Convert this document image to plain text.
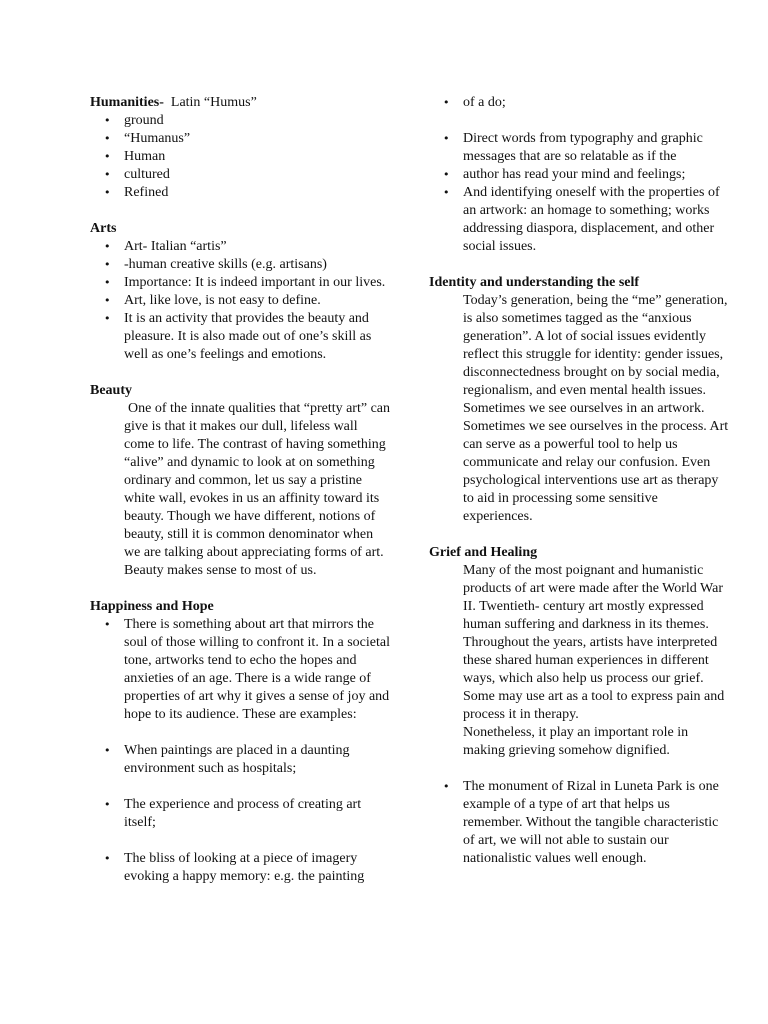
Humanities- Latin “Humus”

• ground
• “Humanus”
• Human
• cultured
• Refined

Arts

• Art- Italian “artis”
• -human creative skills (e.g. artisans)
• Importance: It is indeed important in our lives.
• Art, like love, is not easy to define.
• It is an activity that provides the beauty and pleasure. It is also made out of one’s skill as well as one’s feelings and emotions.

Beauty

One of the innate qualities that “pretty art” can give is that it makes our dull, lifeless wall come to life. The contrast of having something “alive” and dynamic to look at on something ordinary and common, let us say a pristine white wall, evokes in us an affinity toward its beauty. Though we have different, notions of beauty, still it is common denominator when we are talking about appreciating forms of art. Beauty makes sense to most of us.

Happiness and Hope

• There is something about art that mirrors the soul of those willing to confront it. In a societal tone, artworks tend to echo the hopes and anxieties of an age. There is a wide range of properties of art why it gives a sense of joy and hope to its audience. These are examples:
• When paintings are placed in a daunting environment such as hospitals;
• The experience and process of creating art itself;
• The bliss of looking at a piece of imagery evoking a happy memory: e.g. the painting
• of a do;
• Direct words from typography and graphic messages that are so relatable as if the
• author has read your mind and feelings;
• And identifying oneself with the properties of an artwork: an homage to something; works addressing diaspora, displacement, and other social issues.

Identity and understanding the self

Today’s generation, being the “me” generation, is also sometimes tagged as the “anxious generation”. A lot of social issues evidently reflect this struggle for identity: gender issues, disconnectedness brought on by social media, regionalism, and even mental health issues.

Sometimes we see ourselves in an artwork. Sometimes we see ourselves in the process. Art can serve as a powerful tool to help us communicate and relay our confusion. Even psychological interventions use art as therapy to aid in processing some sensitive experiences.

Grief and Healing

Many of the most poignant and humanistic products of art were made after the World War II. Twentieth- century art mostly expressed human suffering and darkness in its themes.

Throughout the years, artists have interpreted these shared human experiences in different ways, which also help us process our grief. Some may use art as a tool to express pain and process it in therapy.

Nonetheless, it play an important role in making grieving somehow dignified.

• The monument of Rizal in Luneta Park is one example of a type of art that helps us remember. Without the tangible characteristic of art, we will not able to sustain our nationalistic values well enough.
